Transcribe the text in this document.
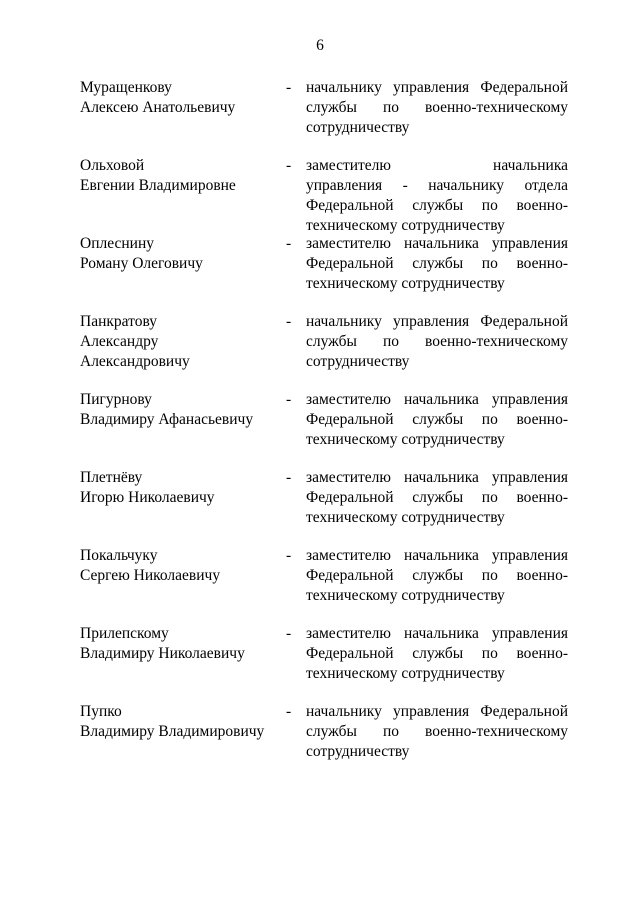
6
Муращенкову
Алексею Анатольевичу
- начальнику управления Федеральной
службы по военно-техническому
сотрудничеству
Ольховой
Евгении Владимировне
- заместителю начальника
управления - начальнику отдела
Федеральной службы по военно-
техническому сотрудничеству
Оплеснину
Роману Олеговичу
- заместителю начальника управления
Федеральной службы по военно-
техническому сотрудничеству
Панкратову
Александру
Александровичу
- начальнику управления Федеральной
службы по военно-техническому
сотрудничеству
Пигурнову
Владимиру Афанасьевичу
- заместителю начальника управления
Федеральной службы по военно-
техническому сотрудничеству
Плетнёву
Игорю Николаевичу
- заместителю начальника управления
Федеральной службы по военно-
техническому сотрудничеству
Покальчуку
Сергею Николаевичу
- заместителю начальника управления
Федеральной службы по военно-
техническому сотрудничеству
Прилепскому
Владимиру Николаевичу
- заместителю начальника управления
Федеральной службы по военно-
техническому сотрудничеству
Пупко
Владимиру Владимировичу
- начальнику управления Федеральной
службы по военно-техническому
сотрудничеству
